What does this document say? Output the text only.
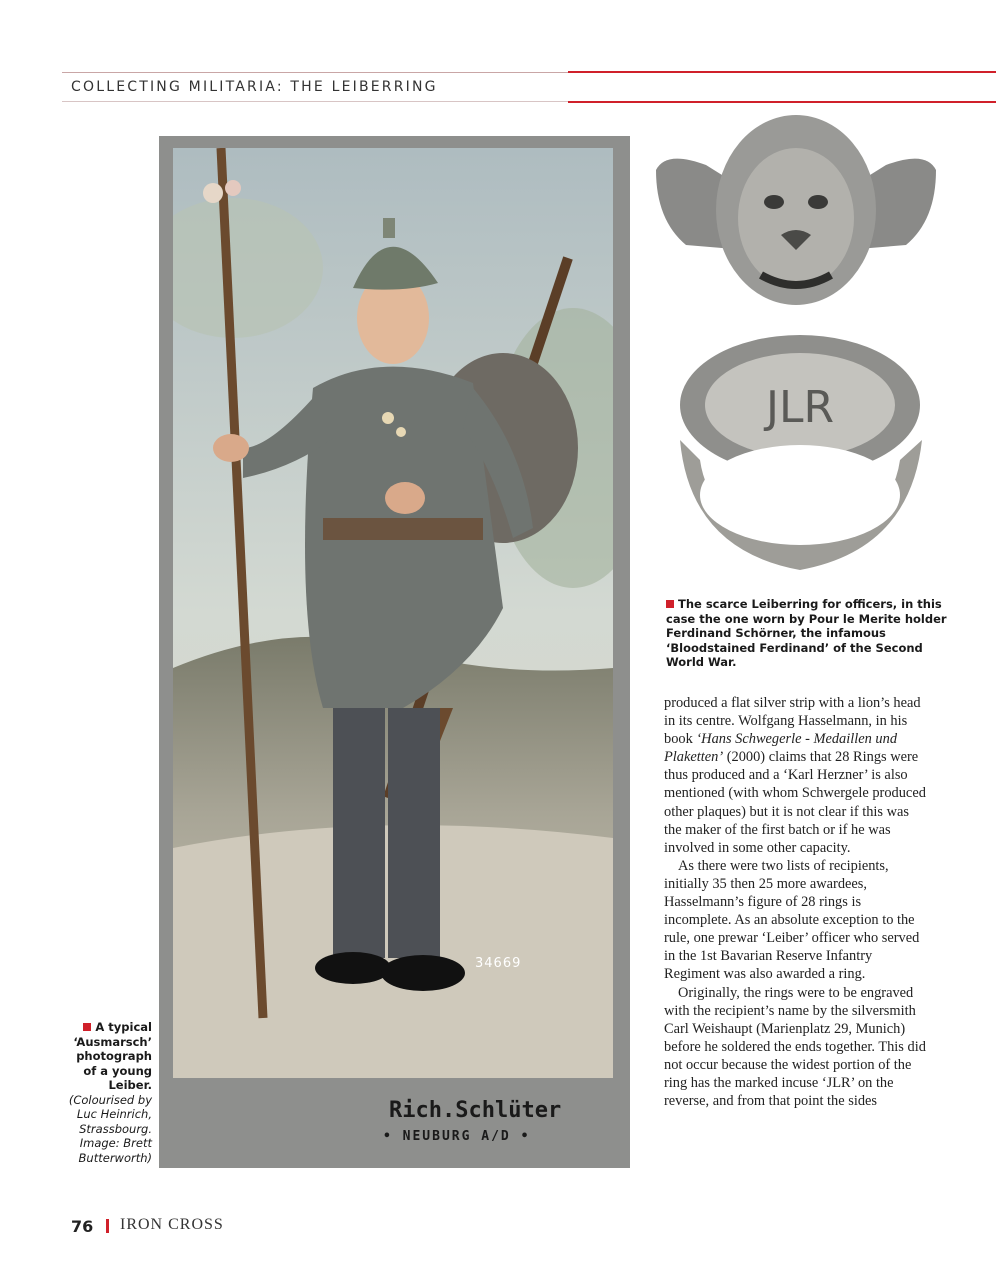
COLLECTING MILITARIA: THE LEIBERRING
34669
Rich.Schlüter
• NEUBURG A/D •
JLR
The scarce Leiberring for officers, in this case the one worn by Pour le Merite holder Ferdinand Schörner, the infamous ‘Bloodstained Ferdinand’ of the Second World War.
A typical ‘Ausmarsch’ photograph of a young Leiber. (Colourised by Luc Heinrich, Strassbourg. Image: Brett Butterworth)

produced a flat silver strip with a lion’s head in its centre. Wolfgang Hasselmann, in his book ‘Hans Schwegerle - Medaillen und Plaketten’ (2000) claims that 28 Rings were thus produced and a ‘Karl Herzner’ is also mentioned (with whom Schwergele produced other plaques) but it is not clear if this was the maker of the first batch or if he was involved in some other capacity.

As there were two lists of recipients, initially 35 then 25 more awardees, Hasselmann’s figure of 28 rings is incomplete. As an absolute exception to the rule, one prewar ‘Leiber’ officer who served in the 1st Bavarian Reserve Infantry Regiment was also awarded a ring.

Originally, the rings were to be engraved with the recipient’s name by the silversmith Carl Weishaupt (Marienplatz 29, Munich) before he soldered the ends together. This did not occur because the widest portion of the ring has the marked incuse ‘JLR’ on the reverse, and from that point the sides

76 IRON CROSS
